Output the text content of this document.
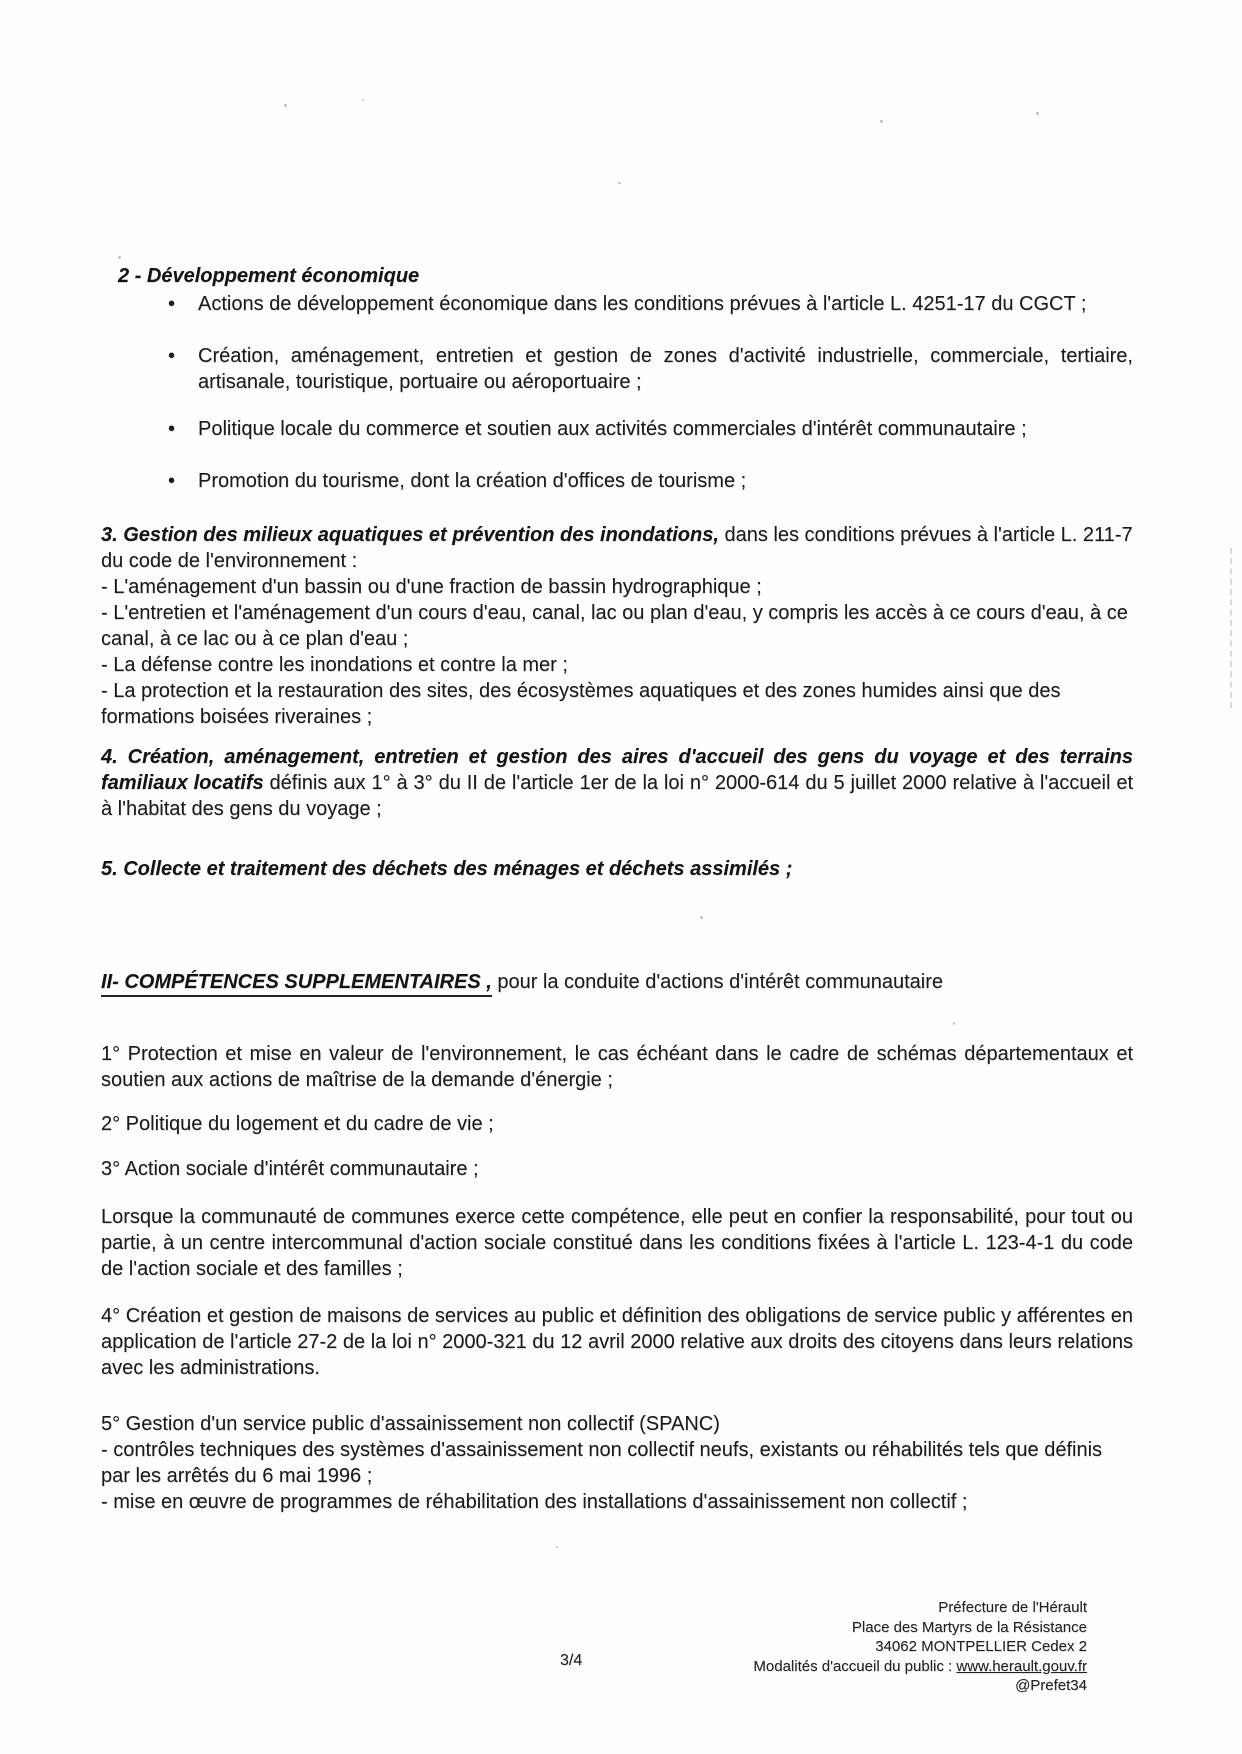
2 - Développement économique
•	Actions de développement économique dans les conditions prévues à l'article L. 4251-17 du CGCT ;
•	Création, aménagement, entretien et gestion de zones d'activité industrielle, commerciale, tertiaire, artisanale, touristique, portuaire ou aéroportuaire ;
•	Politique locale du commerce et soutien aux activités commerciales d'intérêt communautaire ;
•	Promotion du tourisme, dont la création d'offices de tourisme ;
3. Gestion des milieux aquatiques et prévention des inondations, dans les conditions prévues à l'article L. 211-7 du code de l'environnement :
- L'aménagement d'un bassin ou d'une fraction de bassin hydrographique ;
- L'entretien et l'aménagement d'un cours d'eau, canal, lac ou plan d'eau, y compris les accès à ce cours d'eau, à ce canal, à ce lac ou à ce plan d'eau ;
- La défense contre les inondations et contre la mer ;
- La protection et la restauration des sites, des écosystèmes aquatiques et des zones humides ainsi que des formations boisées riveraines ;
4. Création, aménagement, entretien et gestion des aires d'accueil des gens du voyage et des terrains familiaux locatifs définis aux 1° à 3° du II de l'article 1er de la loi n° 2000-614 du 5 juillet 2000 relative à l'accueil et à l'habitat des gens du voyage ;
5. Collecte et traitement des déchets des ménages et déchets assimilés ;
II- COMPÉTENCES SUPPLEMENTAIRES , pour la conduite d'actions d'intérêt communautaire
1° Protection et mise en valeur de l'environnement, le cas échéant dans le cadre de schémas départementaux et soutien aux actions de maîtrise de la demande d'énergie ;
2° Politique du logement et du cadre de vie ;
3° Action sociale d'intérêt communautaire ;
Lorsque la communauté de communes exerce cette compétence, elle peut en confier la responsabilité, pour tout ou partie, à un centre intercommunal d'action sociale constitué dans les conditions fixées à l'article L. 123-4-1 du code de l'action sociale et des familles ;
4° Création et gestion de maisons de services au public et définition des obligations de service public y afférentes en application de l'article 27-2 de la loi n° 2000-321 du 12 avril 2000 relative aux droits des citoyens dans leurs relations avec les administrations.
5° Gestion d'un service public d'assainissement non collectif (SPANC)
- contrôles techniques des systèmes d'assainissement non collectif neufs, existants ou réhabilités tels que définis par les arrêtés du 6 mai 1996 ;
- mise en œuvre de programmes de réhabilitation des installations d'assainissement non collectif ;
3/4
Préfecture de l'Hérault
Place des Martyrs de la Résistance
34062 MONTPELLIER Cedex 2
Modalités d'accueil du public : www.herault.gouv.fr
@Prefet34
